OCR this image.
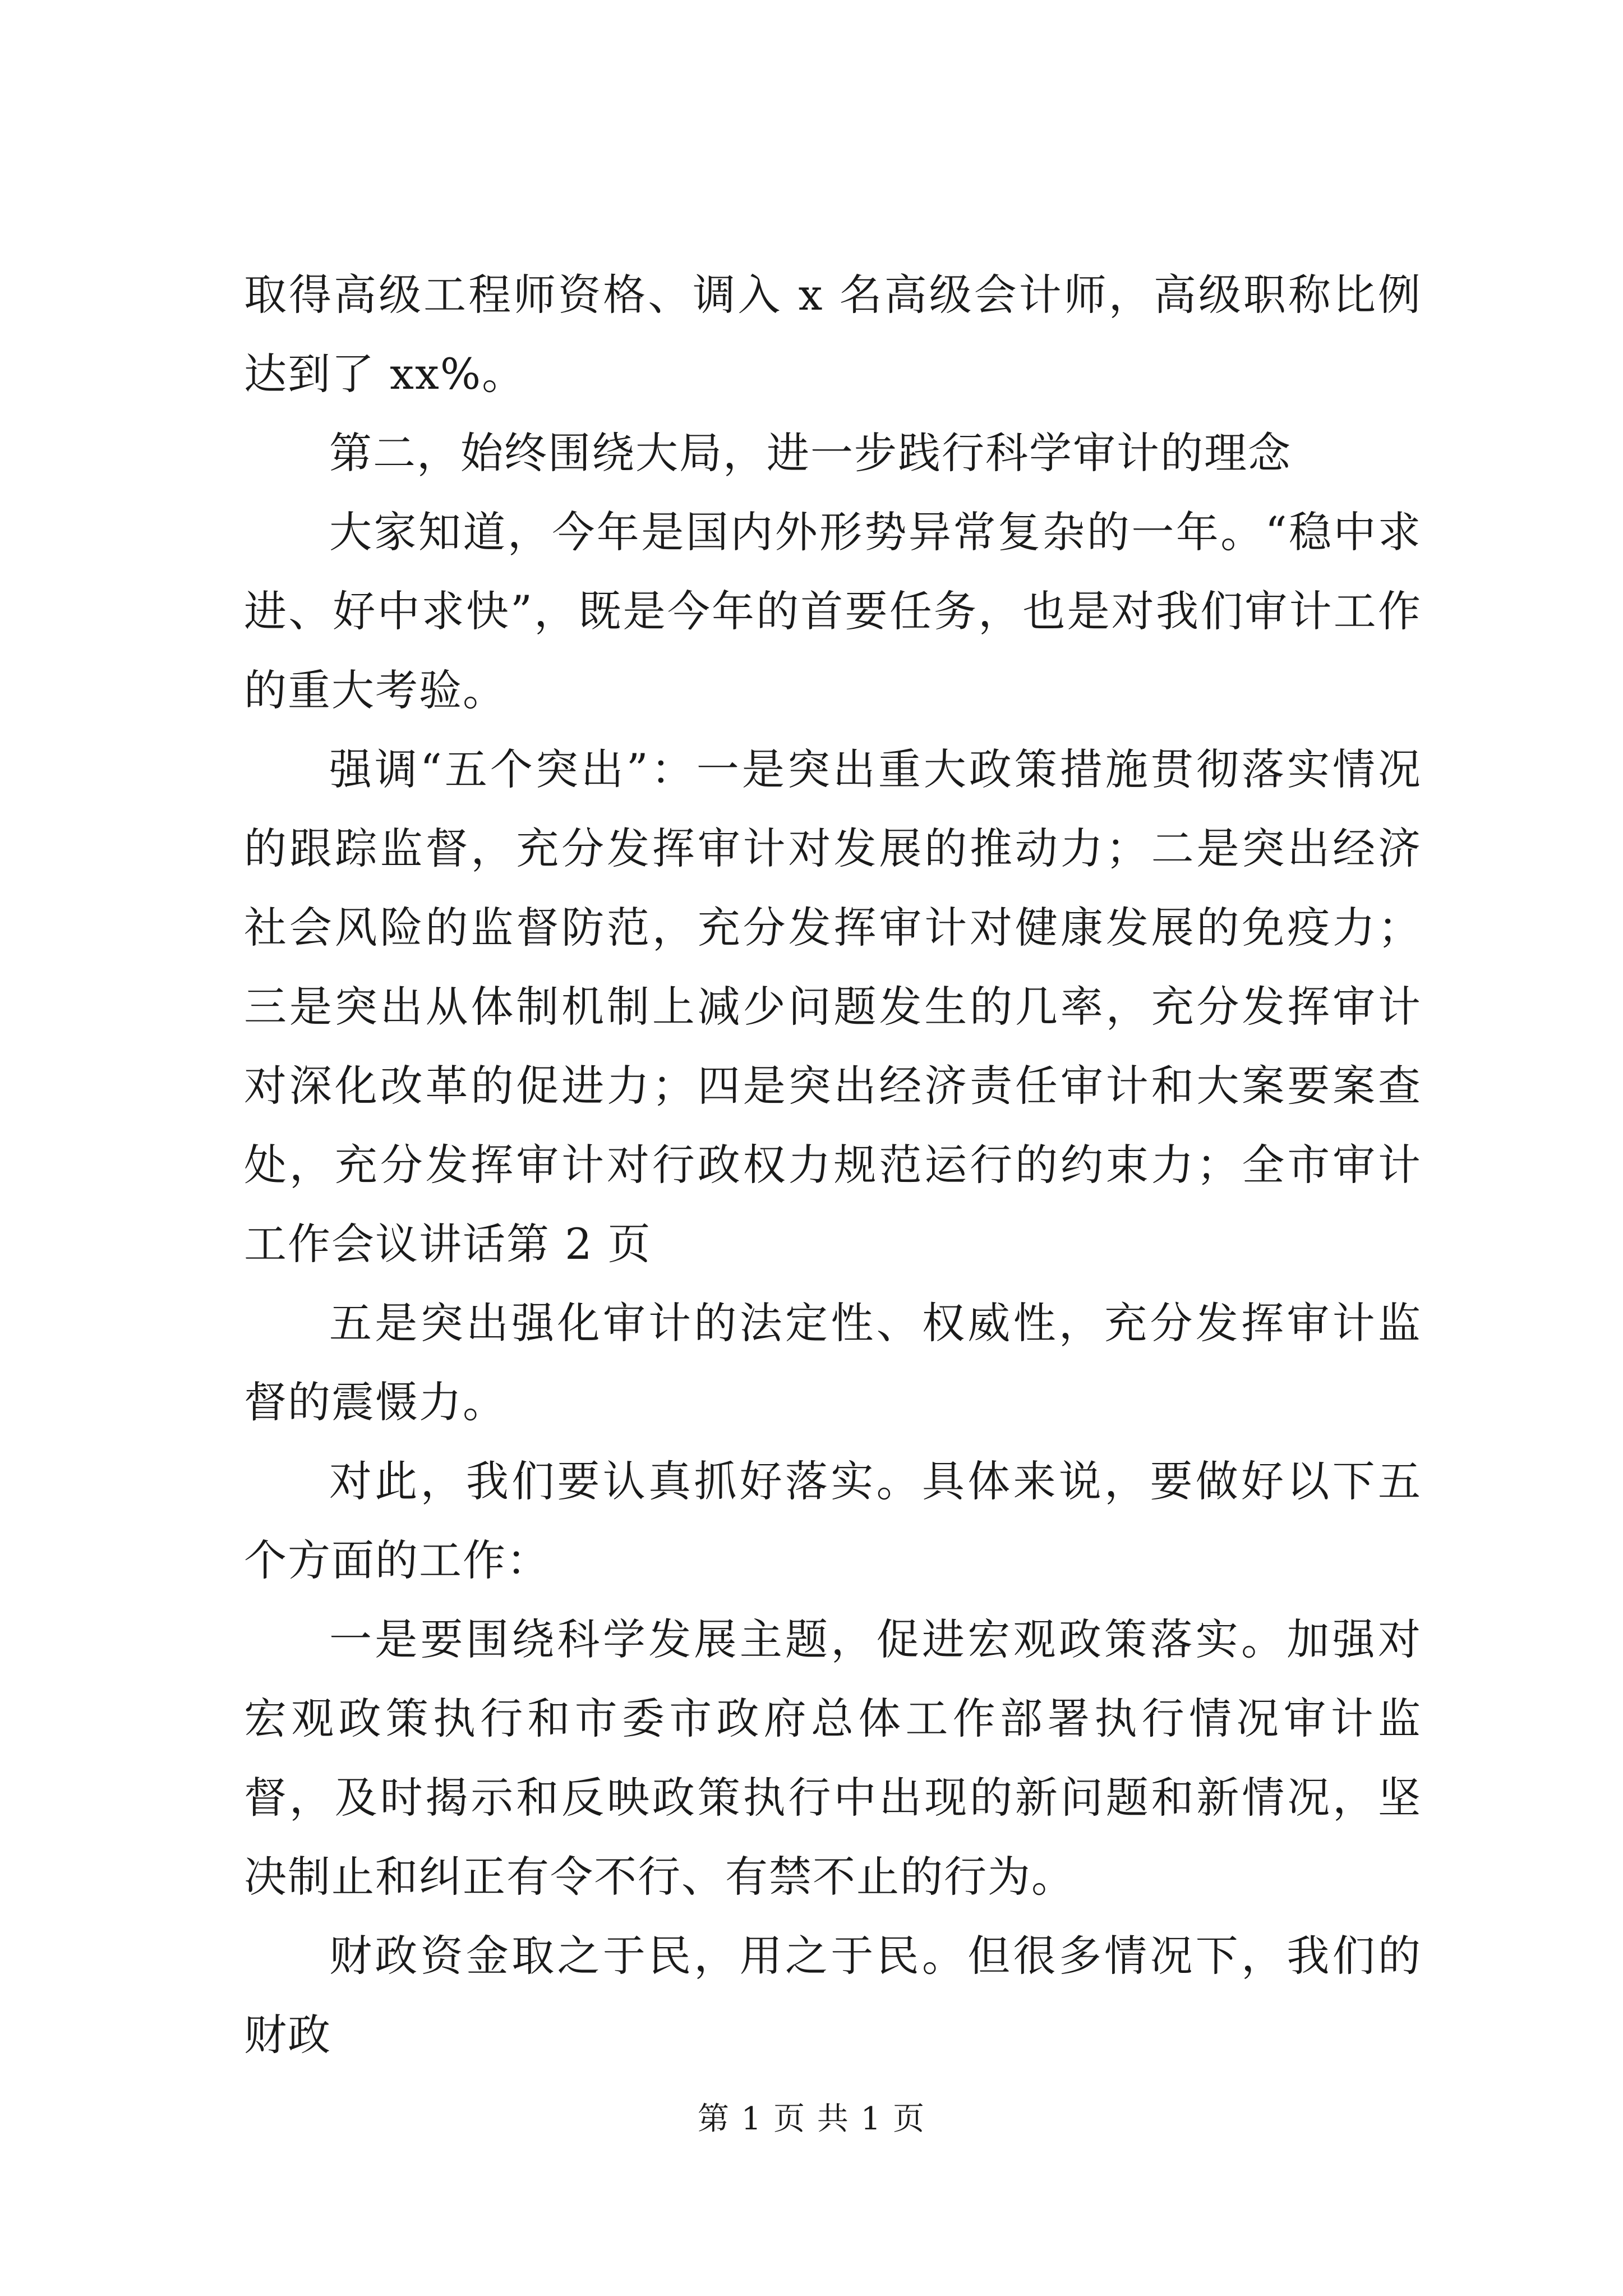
取得高级工程师资格、调入 x 名高级会计师，高级职称比例达到了 xx%。

第二，始终围绕大局，进一步践行科学审计的理念

大家知道，今年是国内外形势异常复杂的一年。“稳中求进、好中求快”，既是今年的首要任务，也是对我们审计工作的重大考验。

强调“五个突出”：一是突出重大政策措施贯彻落实情况的跟踪监督，充分发挥审计对发展的推动力；二是突出经济社会风险的监督防范，充分发挥审计对健康发展的免疫力；三是突出从体制机制上减少问题发生的几率，充分发挥审计对深化改革的促进力；四是突出经济责任审计和大案要案查处，充分发挥审计对行政权力规范运行的约束力；全市审计工作会议讲话第 2 页

五是突出强化审计的法定性、权威性，充分发挥审计监督的震慑力。

对此，我们要认真抓好落实。具体来说，要做好以下五个方面的工作：

一是要围绕科学发展主题，促进宏观政策落实。加强对宏观政策执行和市委市政府总体工作部署执行情况审计监督，及时揭示和反映政策执行中出现的新问题和新情况，坚决制止和纠正有令不行、有禁不止的行为。

财政资金取之于民，用之于民。但很多情况下，我们的财政

第 1 页 共 1 页
